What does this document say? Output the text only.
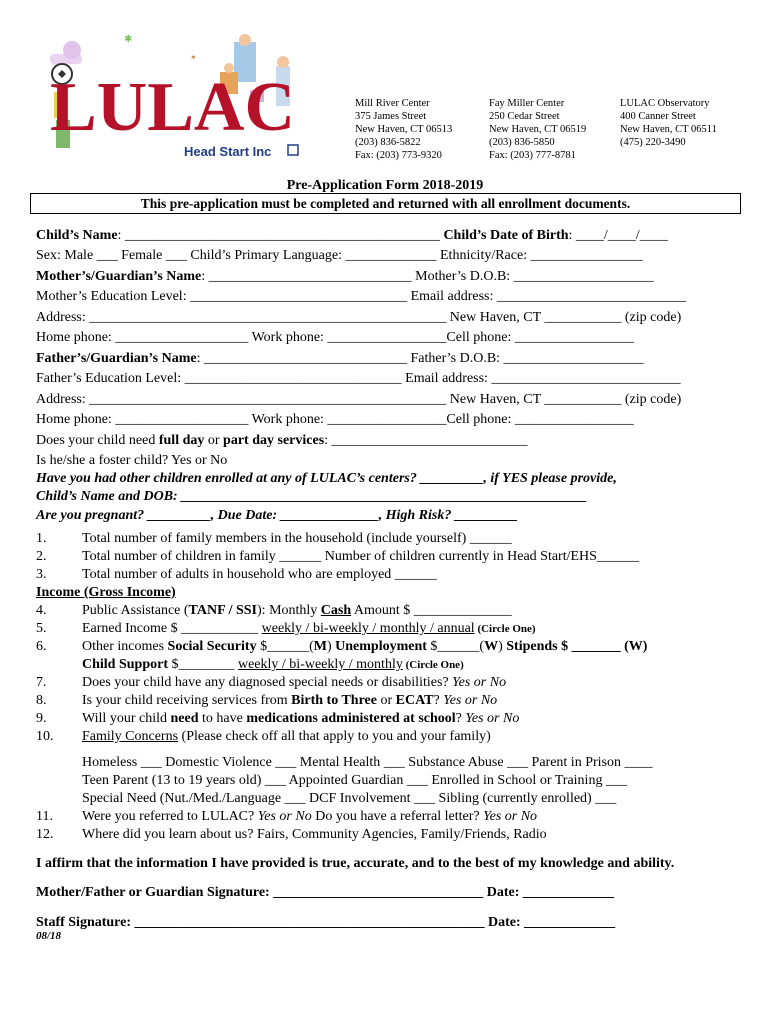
✱
✶
LULAC
Head Start Inc
Mill River Center
375 James Street
New Haven, CT 06513
(203) 836-5822
Fax: (203) 773-9320
Fay Miller Center
250 Cedar Street
New Haven, CT 06519
(203) 836-5850
Fax: (203) 777-8781
LULAC Observatory
400 Canner Street
New Haven, CT 06511
(475) 220-3490
Pre-Application Form 2018-2019
This pre-application must be completed and returned with all enrollment documents.
Child’s Name: _____________________________________________ Child’s Date of Birth: ____/____/____
Sex: Male ___ Female ___ Child’s Primary Language: _____________ Ethnicity/Race: ________________
Mother’s/Guardian’s Name: _____________________________ Mother’s D.O.B: ____________________
Mother’s Education Level: _______________________________ Email address: ___________________________
Address: ___________________________________________________ New Haven, CT ___________ (zip code)
Home phone: ___________________ Work phone: _________________Cell phone: _________________
Father’s/Guardian’s Name: _____________________________ Father’s D.O.B: ____________________
Father’s Education Level: _______________________________ Email address: ___________________________
Address: ___________________________________________________ New Haven, CT ___________ (zip code)
Home phone: ___________________ Work phone: _________________Cell phone: _________________
Does your child need full day or part day services: ____________________________
Is he/she a foster child? Yes or No
Have you had other children enrolled at any of LULAC’s centers? _________, if YES please provide,
Child’s Name and DOB: __________________________________________________________
Are you pregnant? _________, Due Date: ______________, High Risk? _________
1.	Total number of family members in the household (include yourself) ______
2.	Total number of children in family ______ Number of children currently in Head Start/EHS______
3.	Total number of adults in household who are employed ______
Income (Gross Income)
4.	Public Assistance (TANF / SSI): Monthly Cash Amount $ ______________
5.	Earned Income $ ___________ weekly / bi-weekly / monthly / annual (Circle One)
6.	Other incomes Social Security $______(M) Unemployment $______(W) Stipends $ _______ (W)
Child Support $________ weekly / bi-weekly / monthly (Circle One)
7.	Does your child have any diagnosed special needs or disabilities? Yes or No
8.	Is your child receiving services from Birth to Three or ECAT? Yes or No
9.	Will your child need to have medications administered at school? Yes or No
10.	Family Concerns (Please check off all that apply to you and your family)
Homeless ___ Domestic Violence ___ Mental Health ___ Substance Abuse ___ Parent in Prison ____
Teen Parent (13 to 19 years old) ___ Appointed Guardian ___ Enrolled in School or Training ___
Special Need (Nut./Med./Language ___ DCF Involvement ___ Sibling (currently enrolled) ___
11.	Were you referred to LULAC? Yes or No Do you have a referral letter? Yes or No
12.	Where did you learn about us? Fairs, Community Agencies, Family/Friends, Radio
I affirm that the information I have provided is true, accurate, and to the best of my knowledge and ability.
Mother/Father or Guardian Signature: ______________________________ Date: _____________
Staff Signature: __________________________________________________ Date: _____________
08/18
